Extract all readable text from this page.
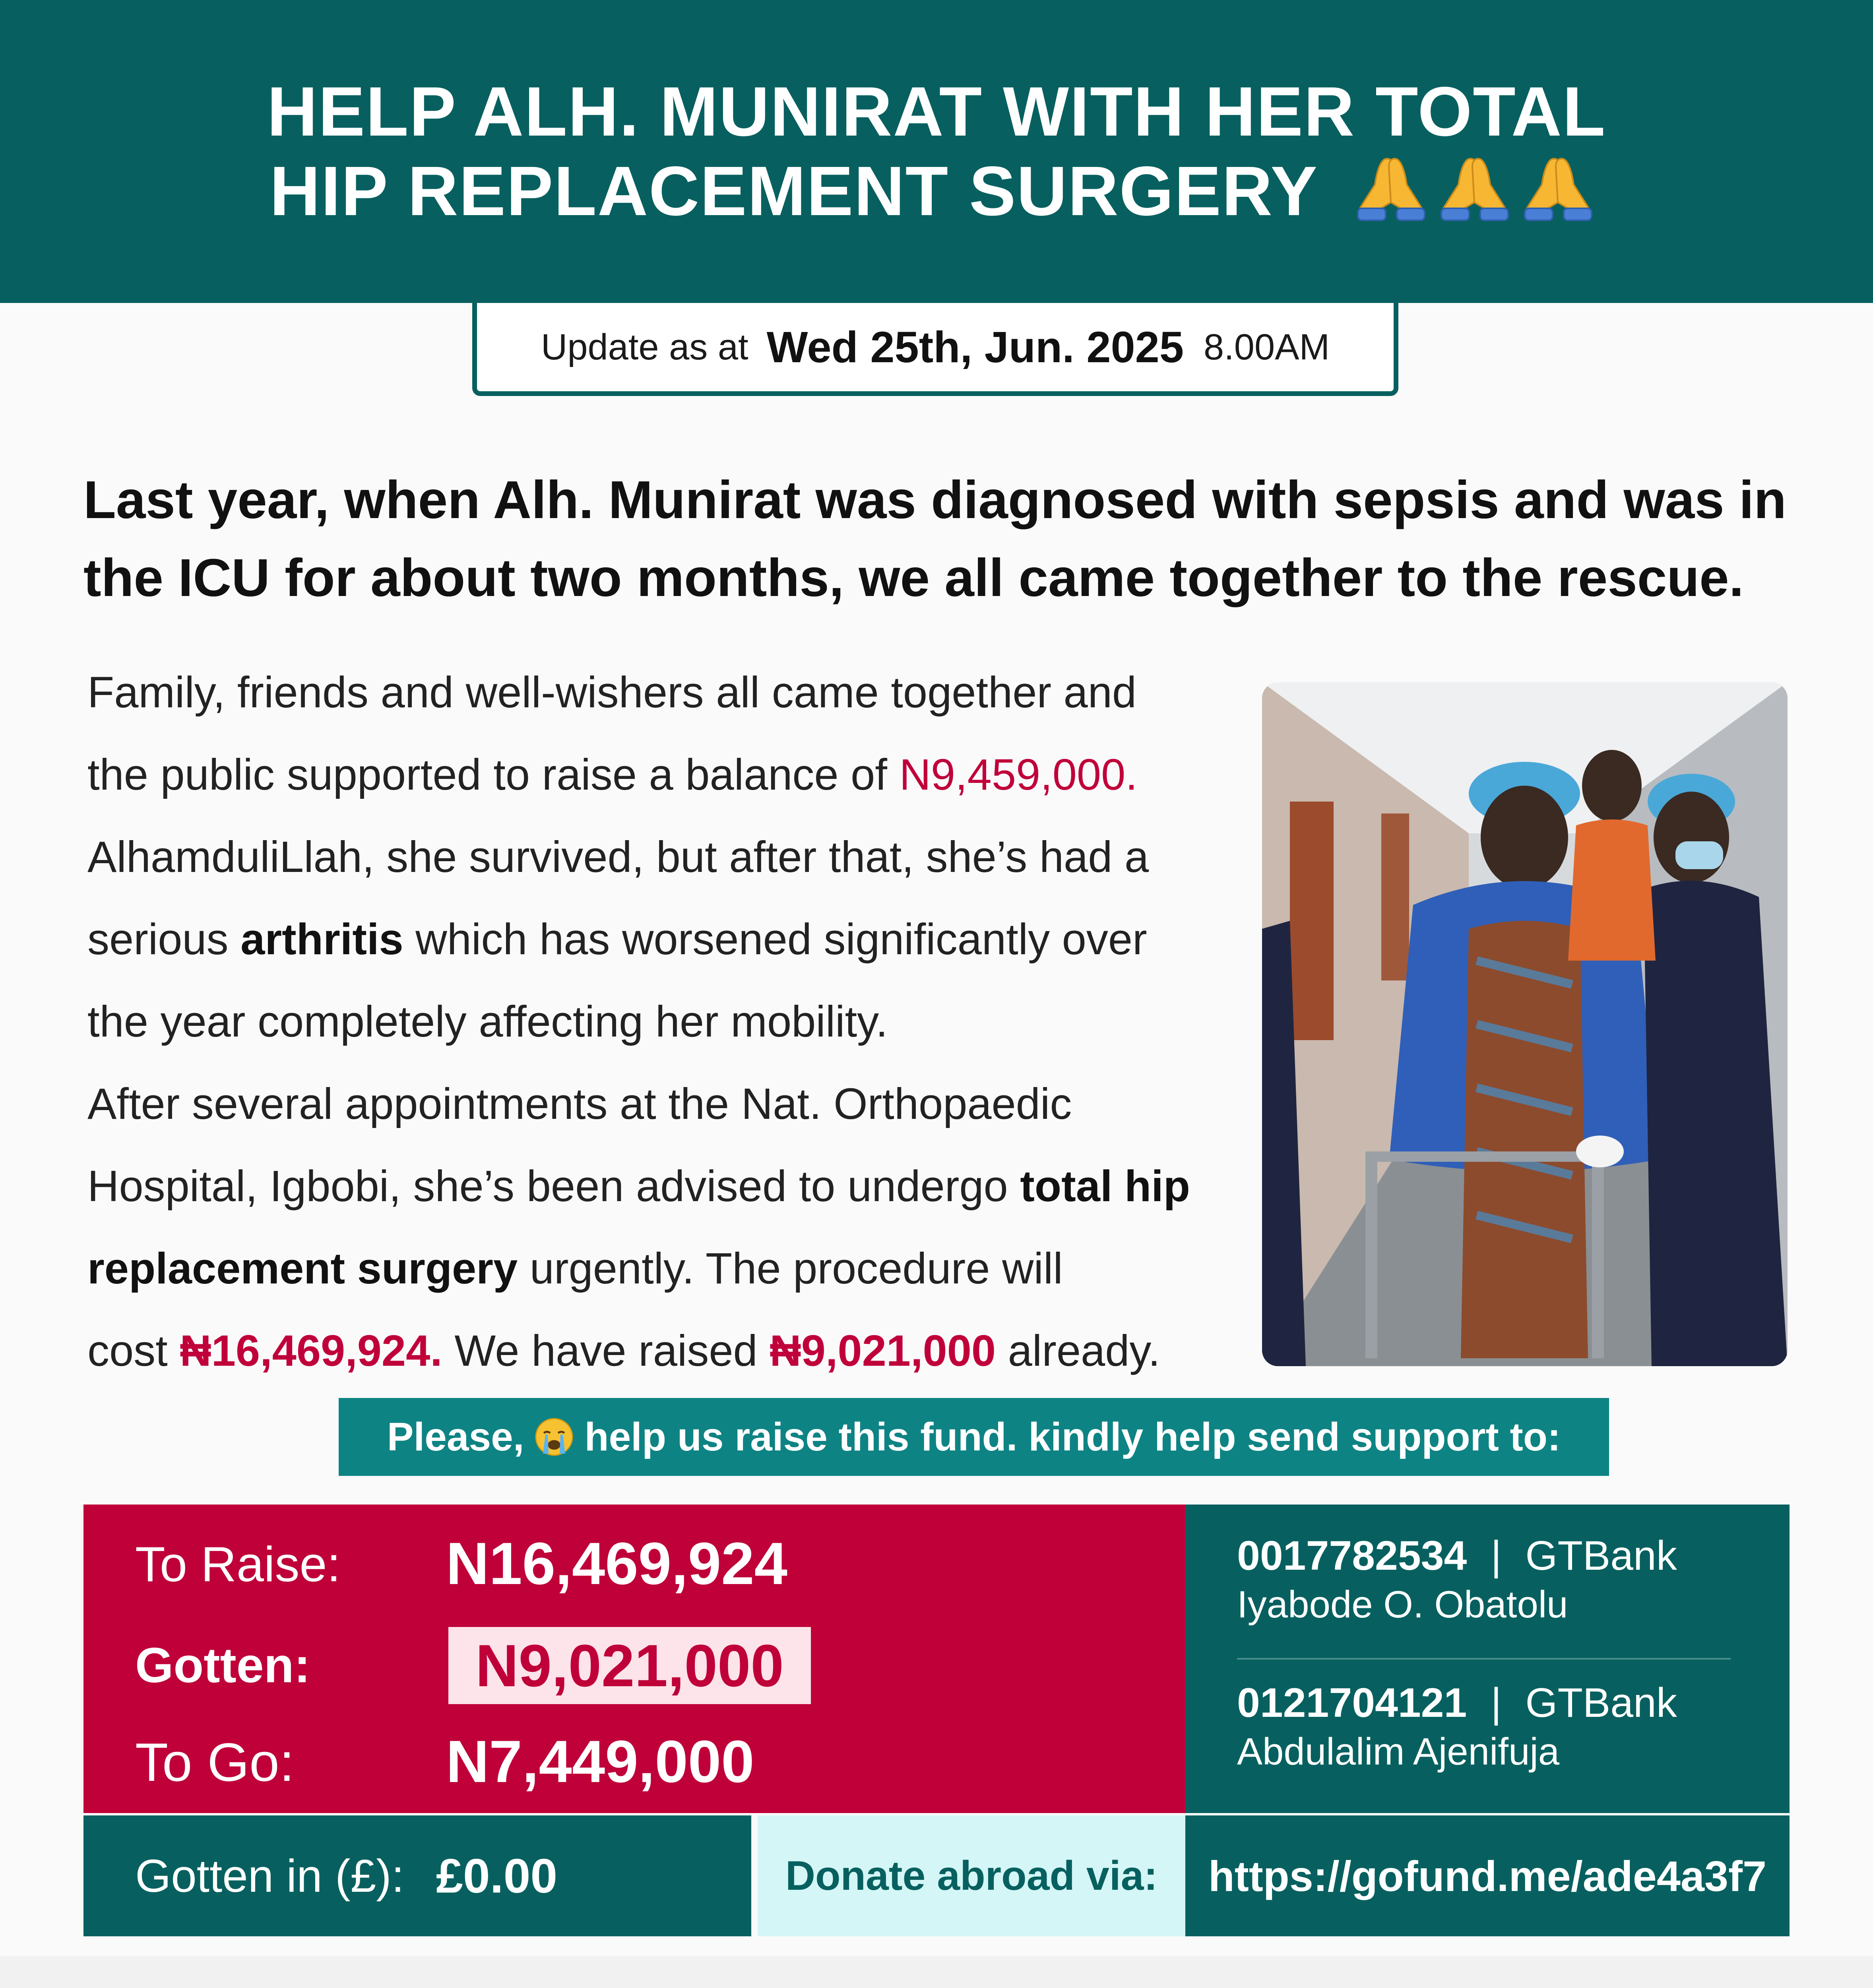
HELP ALH. MUNIRAT WITH HER TOTAL
HIP REPLACEMENT SURGERY
Update as at Wed 25th, Jun. 2025 8.00AM
Last year, when Alh. Munirat was diagnosed with sepsis and was in
the ICU for about two months, we all came together to the rescue.
Family, friends and well-wishers all came together and
the public supported to raise a balance of N9,459,000.
AlhamduliLlah, she survived, but after that, she’s had a
serious arthritis which has worsened significantly over
the year completely affecting her mobility.
After several appointments at the Nat. Orthopaedic
Hospital, Igbobi, she’s been advised to undergo total hip
replacement surgery urgently. The procedure will
cost ₦16,469,924. We have raised ₦9,021,000 already.
Please, help us raise this fund. kindly help send support to:
To Raise: N16,469,924
Gotten:	N9,021,000
To Go:	N7,449,000
0017782534 | GTBank
Iyabode O. Obatolu
0121704121 | GTBank
Abdulalim Ajenifuja
Gotten in (£): £0.00	Donate abroad via: https://gofund.me/ade4a3f7
